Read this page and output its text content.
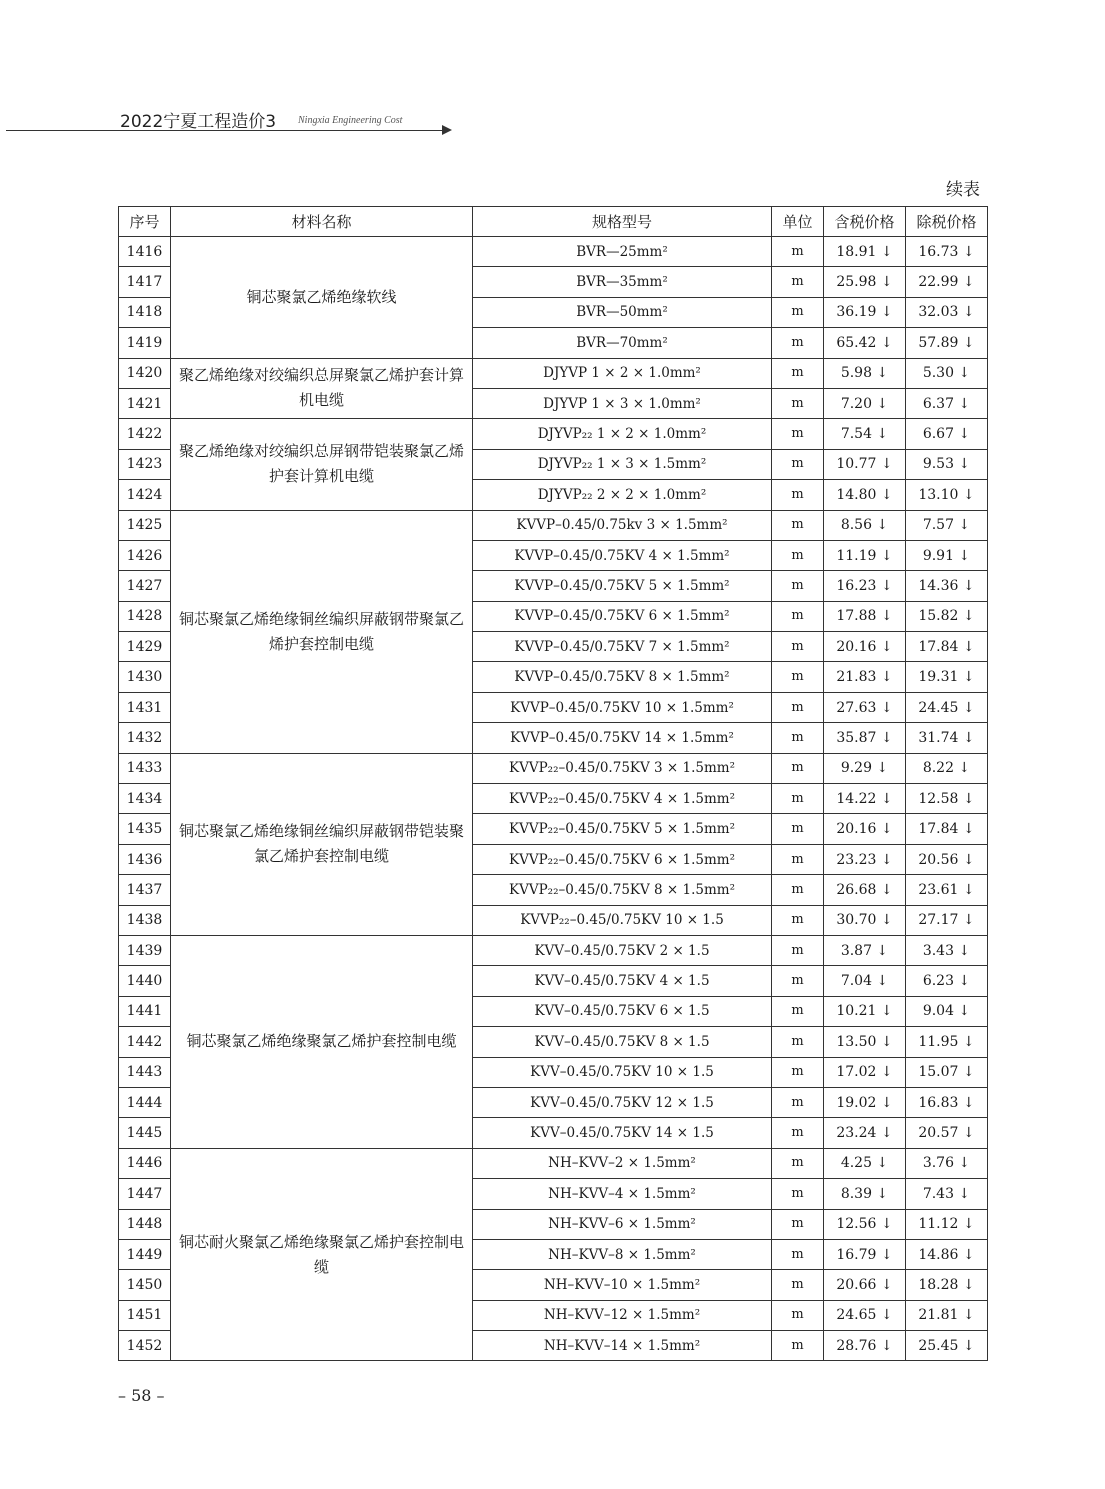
2022宁夏工程造价3 Ningxia Engineering Cost
续表
序号	材料名称	规格型号	单位	含税价格	除税价格
1416	铜芯聚氯乙烯绝缘软线	BVR—25mm²	m	18.91 ↓	16.73 ↓
1417		BVR—35mm²	m	25.98 ↓	22.99 ↓
1418		BVR—50mm²	m	36.19 ↓	32.03 ↓
1419		BVR—70mm²	m	65.42 ↓	57.89 ↓
1420	聚乙烯绝缘对绞编织总屏聚氯乙烯护套计算机电缆	DJYVP 1 × 2 × 1.0mm²	m	5.98 ↓	5.30 ↓
1421		DJYVP 1 × 3 × 1.0mm²	m	7.20 ↓	6.37 ↓
1422	聚乙烯绝缘对绞编织总屏钢带铠装聚氯乙烯护套计算机电缆	DJYVP₂₂ 1 × 2 × 1.0mm²	m	7.54 ↓	6.67 ↓
1423		DJYVP₂₂ 1 × 3 × 1.5mm²	m	10.77 ↓	9.53 ↓
1424		DJYVP₂₂ 2 × 2 × 1.0mm²	m	14.80 ↓	13.10 ↓
1425	铜芯聚氯乙烯绝缘铜丝编织屏蔽钢带聚氯乙烯护套控制电缆	KVVP–0.45/0.75kv 3 × 1.5mm²	m	8.56 ↓	7.57 ↓
1426		KVVP–0.45/0.75KV 4 × 1.5mm²	m	11.19 ↓	9.91 ↓
1427		KVVP–0.45/0.75KV 5 × 1.5mm²	m	16.23 ↓	14.36 ↓
1428		KVVP–0.45/0.75KV 6 × 1.5mm²	m	17.88 ↓	15.82 ↓
1429		KVVP–0.45/0.75KV 7 × 1.5mm²	m	20.16 ↓	17.84 ↓
1430		KVVP–0.45/0.75KV 8 × 1.5mm²	m	21.83 ↓	19.31 ↓
1431		KVVP–0.45/0.75KV 10 × 1.5mm²	m	27.63 ↓	24.45 ↓
1432		KVVP–0.45/0.75KV 14 × 1.5mm²	m	35.87 ↓	31.74 ↓
1433	铜芯聚氯乙烯绝缘铜丝编织屏蔽钢带铠装聚氯乙烯护套控制电缆	KVVP₂₂–0.45/0.75KV 3 × 1.5mm²	m	9.29 ↓	8.22 ↓
1434		KVVP₂₂–0.45/0.75KV 4 × 1.5mm²	m	14.22 ↓	12.58 ↓
1435		KVVP₂₂–0.45/0.75KV 5 × 1.5mm²	m	20.16 ↓	17.84 ↓
1436		KVVP₂₂–0.45/0.75KV 6 × 1.5mm²	m	23.23 ↓	20.56 ↓
1437		KVVP₂₂–0.45/0.75KV 8 × 1.5mm²	m	26.68 ↓	23.61 ↓
1438		KVVP₂₂–0.45/0.75KV 10 × 1.5	m	30.70 ↓	27.17 ↓
1439	铜芯聚氯乙烯绝缘聚氯乙烯护套控制电缆	KVV–0.45/0.75KV 2 × 1.5	m	3.87 ↓	3.43 ↓
1440		KVV–0.45/0.75KV 4 × 1.5	m	7.04 ↓	6.23 ↓
1441		KVV–0.45/0.75KV 6 × 1.5	m	10.21 ↓	9.04 ↓
1442		KVV–0.45/0.75KV 8 × 1.5	m	13.50 ↓	11.95 ↓
1443		KVV–0.45/0.75KV 10 × 1.5	m	17.02 ↓	15.07 ↓
1444		KVV–0.45/0.75KV 12 × 1.5	m	19.02 ↓	16.83 ↓
1445		KVV–0.45/0.75KV 14 × 1.5	m	23.24 ↓	20.57 ↓
1446	铜芯耐火聚氯乙烯绝缘聚氯乙烯护套控制电缆	NH–KVV–2 × 1.5mm²	m	4.25 ↓	3.76 ↓
1447		NH–KVV–4 × 1.5mm²	m	8.39 ↓	7.43 ↓
1448		NH–KVV–6 × 1.5mm²	m	12.56 ↓	11.12 ↓
1449		NH–KVV–8 × 1.5mm²	m	16.79 ↓	14.86 ↓
1450		NH–KVV–10 × 1.5mm²	m	20.66 ↓	18.28 ↓
1451		NH–KVV–12 × 1.5mm²	m	24.65 ↓	21.81 ↓
1452		NH–KVV–14 × 1.5mm²	m	28.76 ↓	25.45 ↓
– 58 –
